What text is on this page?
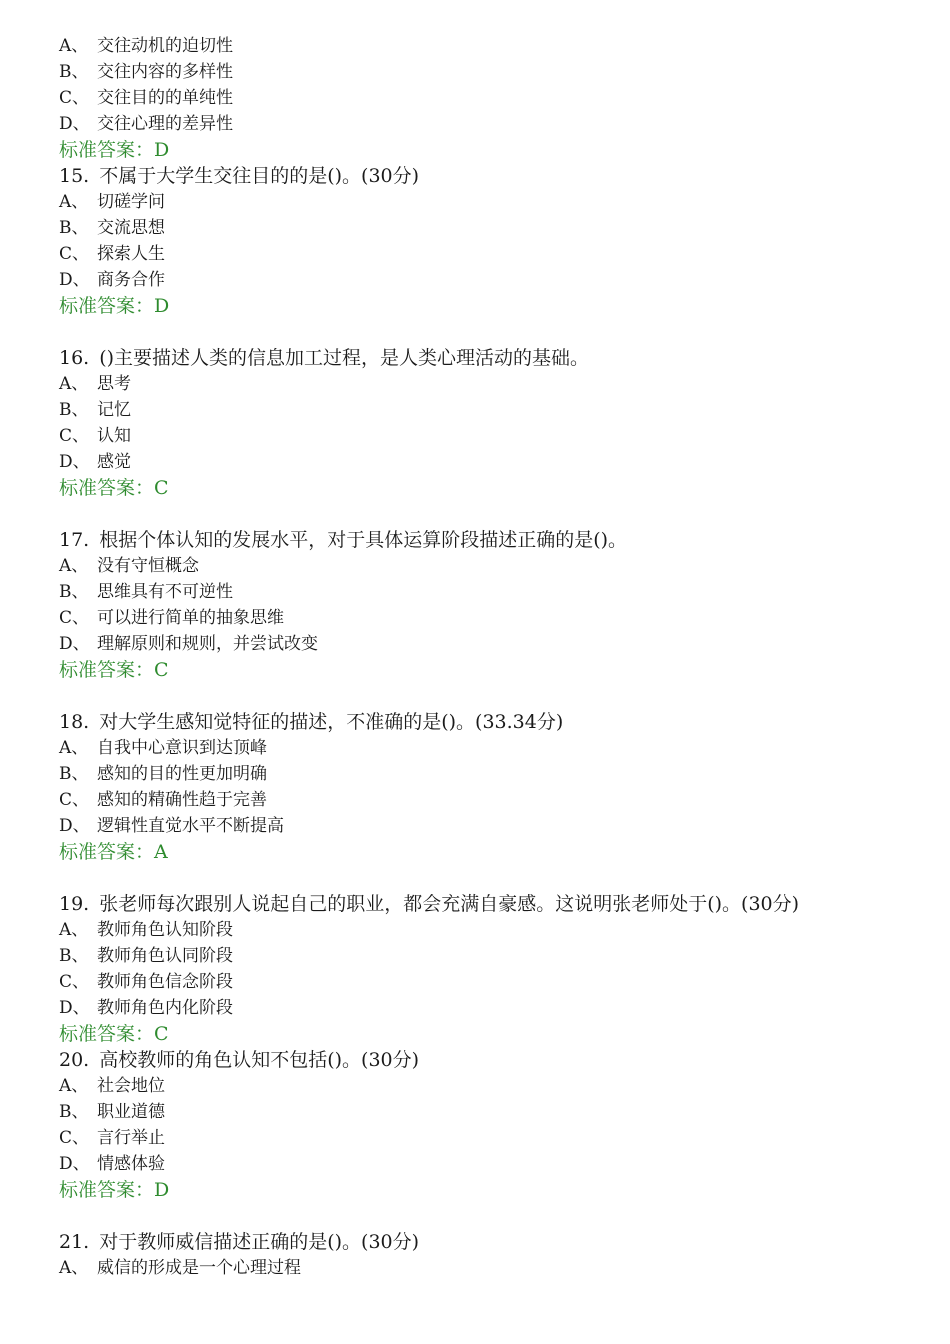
A、 交往动机的迫切性
B、 交往内容的多样性
C、 交往目的的单纯性
D、 交往心理的差异性
标准答案：D
15. 不属于大学生交往目的的是()。(30分)
A、 切磋学问
B、 交流思想
C、 探索人生
D、 商务合作
标准答案：D
16. ()主要描述人类的信息加工过程，是人类心理活动的基础。
A、 思考
B、 记忆
C、 认知
D、 感觉
标准答案：C
17. 根据个体认知的发展水平，对于具体运算阶段描述正确的是()。
A、 没有守恒概念
B、 思维具有不可逆性
C、 可以进行简单的抽象思维
D、 理解原则和规则，并尝试改变
标准答案：C
18. 对大学生感知觉特征的描述，不准确的是()。(33.34分)
A、 自我中心意识到达顶峰
B、 感知的目的性更加明确
C、 感知的精确性趋于完善
D、 逻辑性直觉水平不断提高
标准答案：A
19. 张老师每次跟别人说起自己的职业，都会充满自豪感。这说明张老师处于()。(30分)
A、 教师角色认知阶段
B、 教师角色认同阶段
C、 教师角色信念阶段
D、 教师角色内化阶段
标准答案：C
20. 高校教师的角色认知不包括()。(30分)
A、 社会地位
B、 职业道德
C、 言行举止
D、 情感体验
标准答案：D
21. 对于教师威信描述正确的是()。(30分)
A、 威信的形成是一个心理过程
